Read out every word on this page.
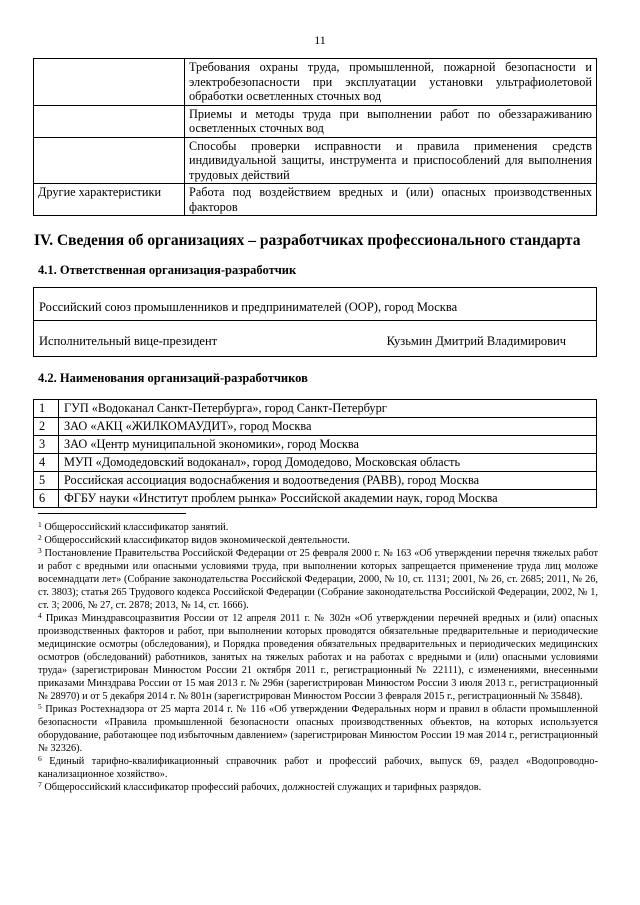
11
	Требования охраны труда, промышленной, пожарной безопасности и электробезопасности при эксплуатации установки ультрафиолетовой обработки осветленных сточных вод
	Приемы и методы труда при выполнении работ по обеззараживанию осветленных сточных вод
	Способы проверки исправности и правила применения средств индивидуальной защиты, инструмента и приспособлений для выполнения трудовых действий
Другие характеристики	Работа под воздействием вредных и (или) опасных производственных факторов
IV. Сведения об организациях – разработчиках профессионального стандарта
4.1. Ответственная организация-разработчик
Российский союз промышленников и предпринимателей (ООР), город Москва
Исполнительный вице-президент	Кузьмин Дмитрий Владимирович
4.2. Наименования организаций-разработчиков
1	ГУП «Водоканал Санкт-Петербурга», город Санкт-Петербург
2	ЗАО «АКЦ «ЖИЛКОМАУДИТ», город Москва
3	ЗАО «Центр муниципальной экономики», город Москва
4	МУП «Домодедовский водоканал», город Домодедово, Московская область
5	Российская ассоциация водоснабжения и водоотведения (РАВВ), город Москва
6	ФГБУ науки «Институт проблем рынка» Российской академии наук, город Москва

$^1$ Общероссийский классификатор занятий.

$^2$ Общероссийский классификатор видов экономической деятельности.

$^3$ Постановление Правительства Российской Федерации от 25 февраля 2000 г. № 163 «Об утверждении перечня тяжелых работ и работ с вредными или опасными условиями труда, при выполнении которых запрещается применение труда лиц моложе восемнадцати лет» (Собрание законодательства Российской Федерации, 2000, № 10, ст. 1131; 2001, № 26, ст. 2685; 2011, № 26, ст. 3803); статья 265 Трудового кодекса Российской Федерации (Собрание законодательства Российской Федерации, 2002, № 1, ст. 3; 2006, № 27, ст. 2878; 2013, № 14, ст. 1666).

$^4$ Приказ Минздравсоцразвития России от 12 апреля 2011 г. № 302н «Об утверждении перечней вредных и (или) опасных производственных факторов и работ, при выполнении которых проводятся обязательные предварительные и периодические медицинские осмотры (обследования), и Порядка проведения обязательных предварительных и периодических медицинских осмотров (обследований) работников, занятых на тяжелых работах и на работах с вредными и (или) опасными условиями труда» (зарегистрирован Минюстом России 21 октября 2011 г., регистрационный № 22111), с изменениями, внесенными приказами Минздрава России от 15 мая 2013 г. № 296н (зарегистрирован Минюстом России 3 июля 2013 г., регистрационный № 28970) и от 5 декабря 2014 г. № 801н (зарегистрирован Минюстом России 3 февраля 2015 г., регистрационный № 35848).

$^5$ Приказ Ростехнадзора от 25 марта 2014 г. № 116 «Об утверждении Федеральных норм и правил в области промышленной безопасности «Правила промышленной безопасности опасных производственных объектов, на которых используется оборудование, работающее под избыточным давлением» (зарегистрирован Минюстом России 19 мая 2014 г., регистрационный № 32326).

$^6$ Единый тарифно-квалификационный справочник работ и профессий рабочих, выпуск 69, раздел «Водопроводно-канализационное хозяйство».

$^7$ Общероссийский классификатор профессий рабочих, должностей служащих и тарифных разрядов.
